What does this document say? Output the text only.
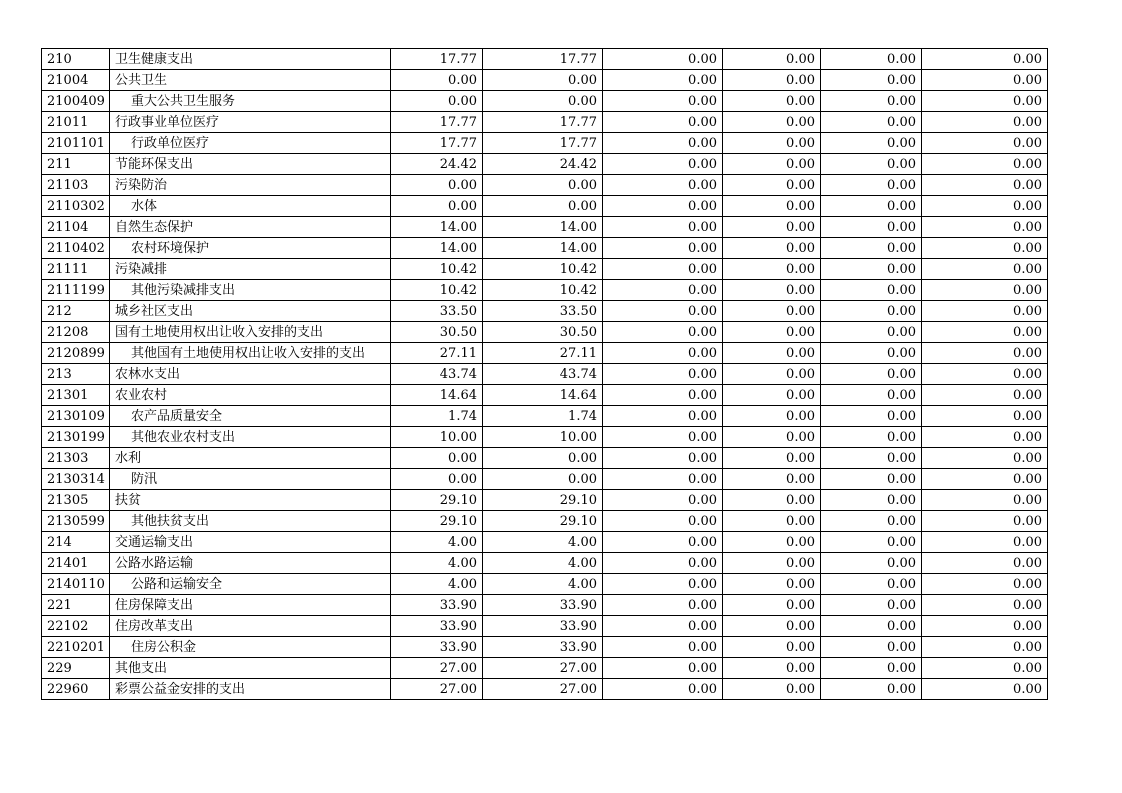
210	卫生健康支出	17.77	17.77	0.00	0.00	0.00	0.00
21004	公共卫生	0.00	0.00	0.00	0.00	0.00	0.00
2100409	重大公共卫生服务	0.00	0.00	0.00	0.00	0.00	0.00
21011	行政事业单位医疗	17.77	17.77	0.00	0.00	0.00	0.00
2101101	行政单位医疗	17.77	17.77	0.00	0.00	0.00	0.00
211	节能环保支出	24.42	24.42	0.00	0.00	0.00	0.00
21103	污染防治	0.00	0.00	0.00	0.00	0.00	0.00
2110302	水体	0.00	0.00	0.00	0.00	0.00	0.00
21104	自然生态保护	14.00	14.00	0.00	0.00	0.00	0.00
2110402	农村环境保护	14.00	14.00	0.00	0.00	0.00	0.00
21111	污染减排	10.42	10.42	0.00	0.00	0.00	0.00
2111199	其他污染减排支出	10.42	10.42	0.00	0.00	0.00	0.00
212	城乡社区支出	33.50	33.50	0.00	0.00	0.00	0.00
21208	国有土地使用权出让收入安排的支出	30.50	30.50	0.00	0.00	0.00	0.00
2120899	其他国有土地使用权出让收入安排的支出	27.11	27.11	0.00	0.00	0.00	0.00
213	农林水支出	43.74	43.74	0.00	0.00	0.00	0.00
21301	农业农村	14.64	14.64	0.00	0.00	0.00	0.00
2130109	农产品质量安全	1.74	1.74	0.00	0.00	0.00	0.00
2130199	其他农业农村支出	10.00	10.00	0.00	0.00	0.00	0.00
21303	水利	0.00	0.00	0.00	0.00	0.00	0.00
2130314	防汛	0.00	0.00	0.00	0.00	0.00	0.00
21305	扶贫	29.10	29.10	0.00	0.00	0.00	0.00
2130599	其他扶贫支出	29.10	29.10	0.00	0.00	0.00	0.00
214	交通运输支出	4.00	4.00	0.00	0.00	0.00	0.00
21401	公路水路运输	4.00	4.00	0.00	0.00	0.00	0.00
2140110	公路和运输安全	4.00	4.00	0.00	0.00	0.00	0.00
221	住房保障支出	33.90	33.90	0.00	0.00	0.00	0.00
22102	住房改革支出	33.90	33.90	0.00	0.00	0.00	0.00
2210201	住房公积金	33.90	33.90	0.00	0.00	0.00	0.00
229	其他支出	27.00	27.00	0.00	0.00	0.00	0.00
22960	彩票公益金安排的支出	27.00	27.00	0.00	0.00	0.00	0.00
